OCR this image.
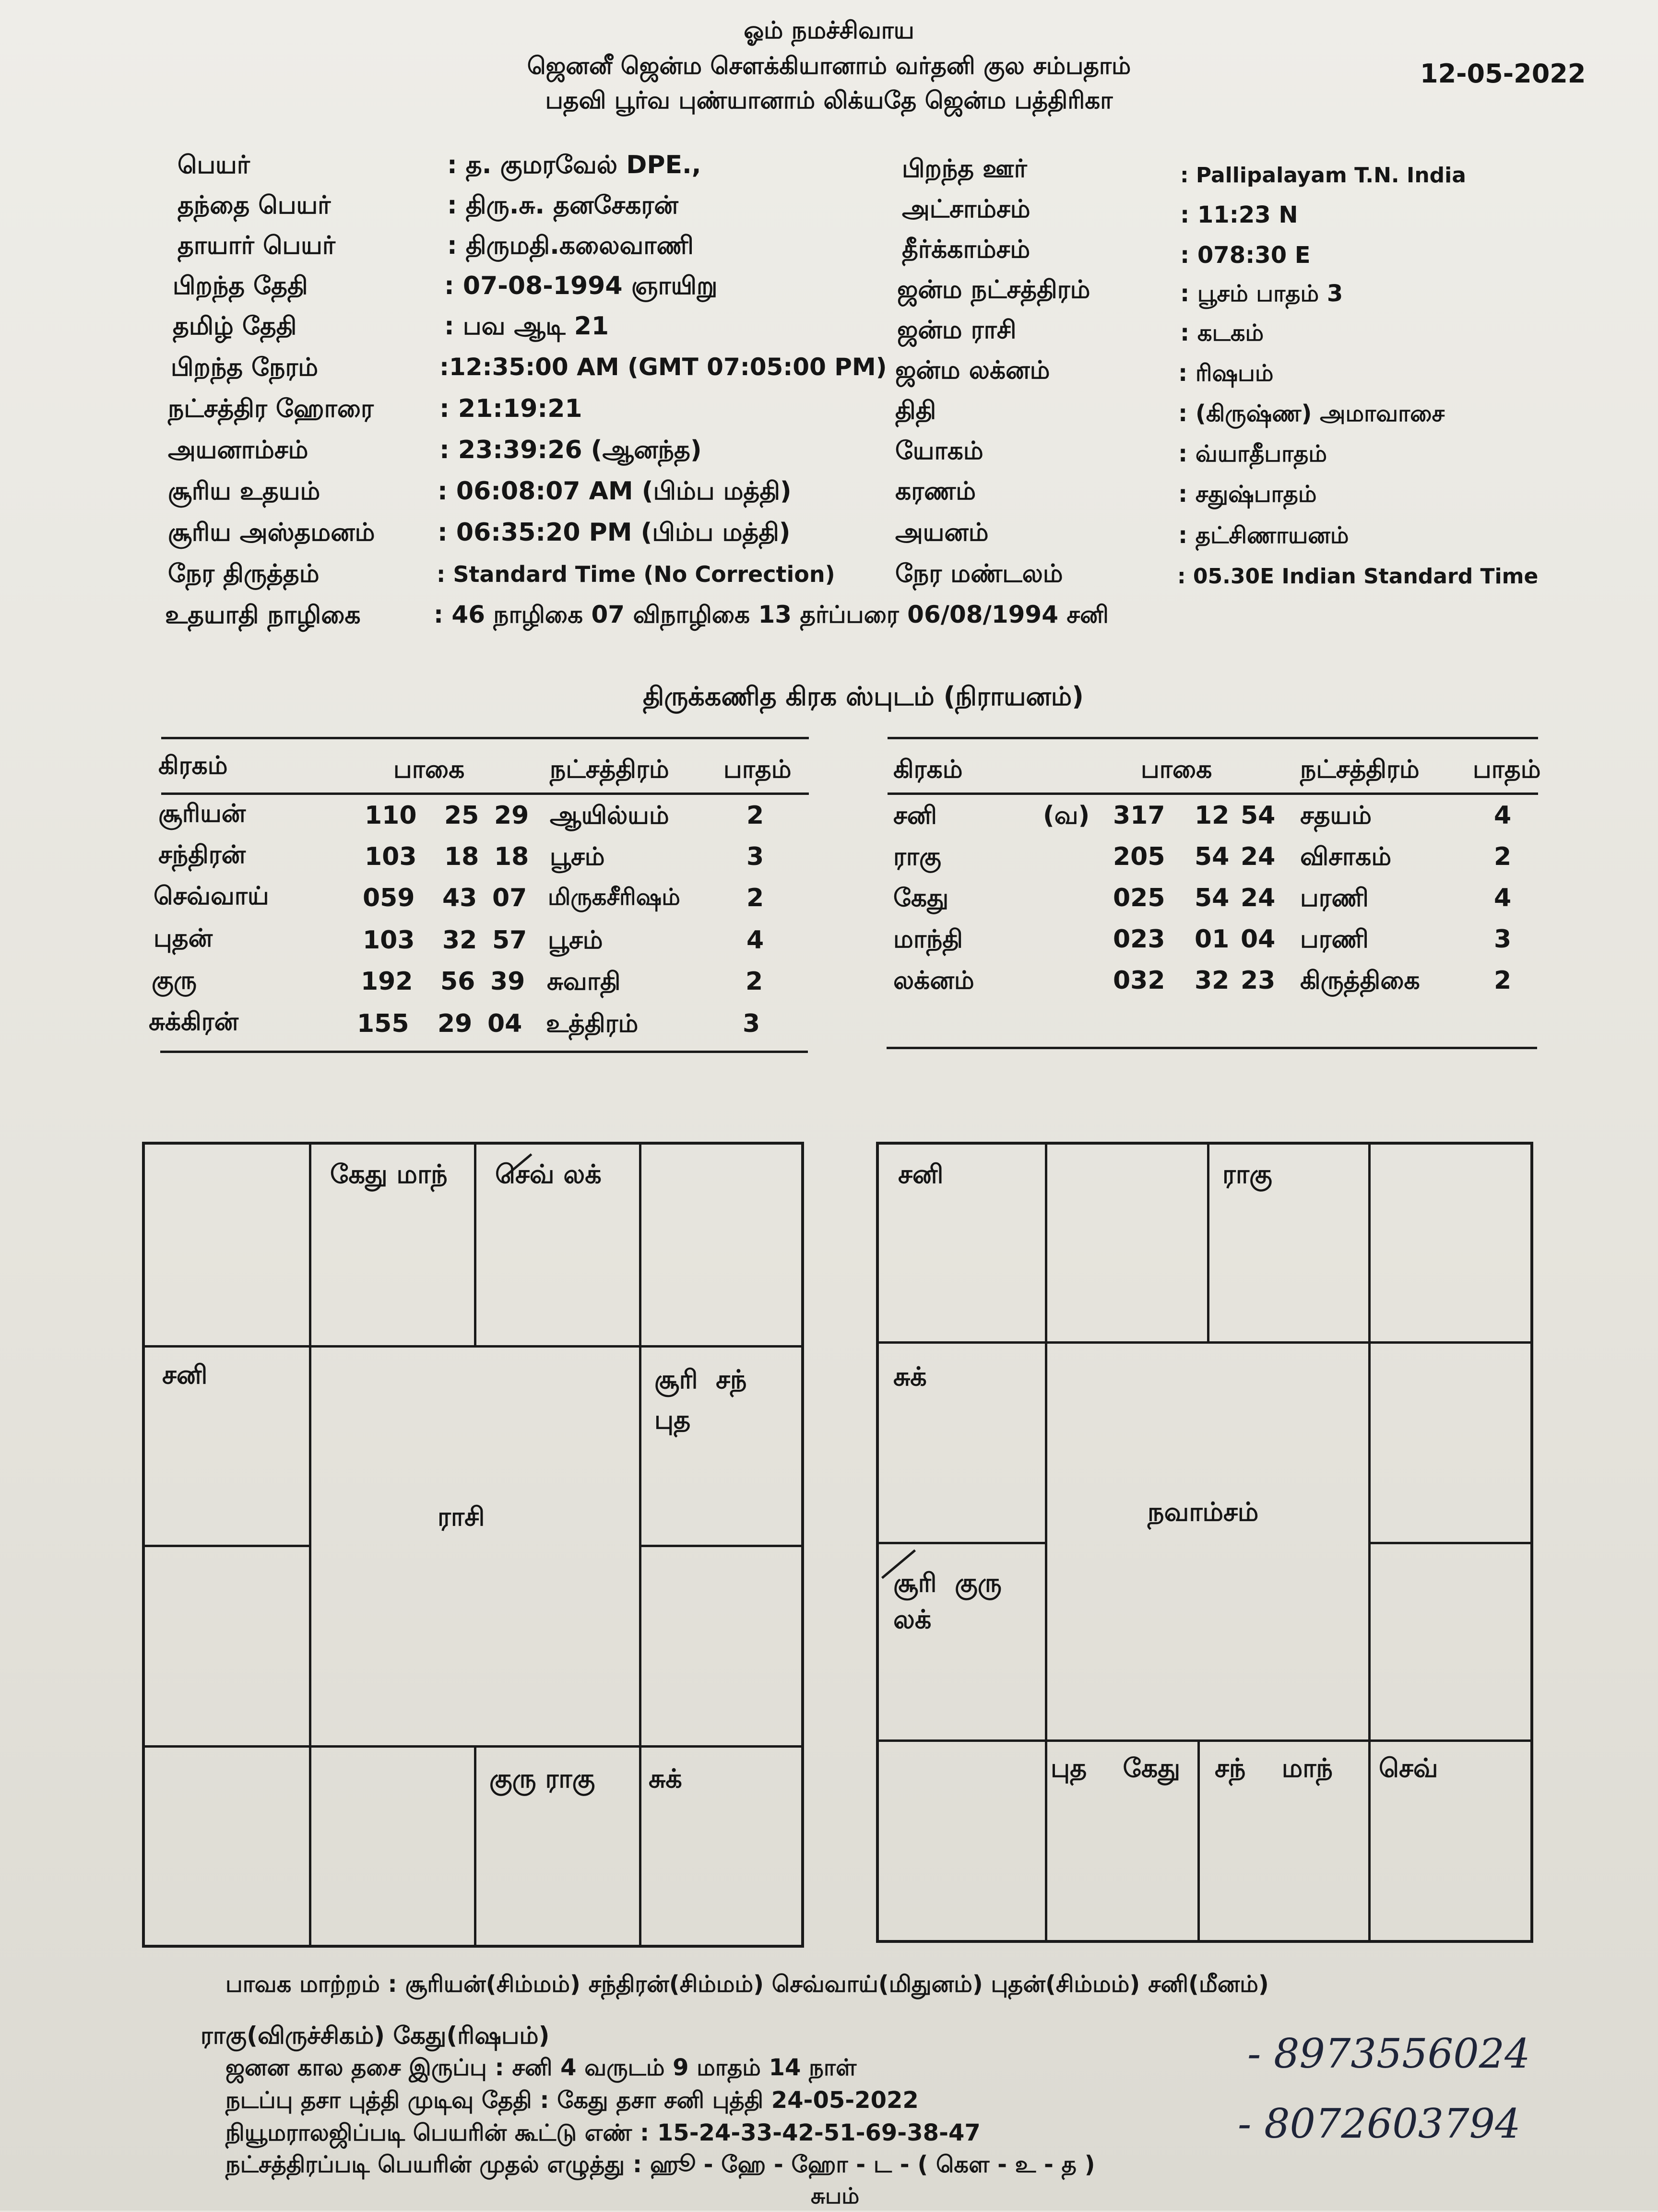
ஓம் நமச்சிவாய
ஜெனனீ ஜென்ம சௌக்கியானாம் வர்தனி குல சம்பதாம்
பதவி பூர்வ புண்யானாம் லிக்யதே ஜென்ம பத்திரிகா
12-05-2022
பெயர்	: த. குமரவேல் DPE.,
தந்தை பெயர்	: திரு.சு. தனசேகரன்
தாயார் பெயர்	: திருமதி.கலைவாணி
பிறந்த தேதி	: 07-08-1994 ஞாயிறு
தமிழ் தேதி	: பவ ஆடி 21
பிறந்த நேரம்	:12:35:00 AM (GMT 07:05:00 PM)
நட்சத்திர ஹோரை	: 21:19:21
அயனாம்சம்	: 23:39:26 (ஆனந்த)
சூரிய உதயம்	: 06:08:07 AM (பிம்ப மத்தி)
சூரிய அஸ்தமனம்	: 06:35:20 PM (பிம்ப மத்தி)
நேர திருத்தம்	: Standard Time (No Correction)
பிறந்த ஊர்	: Pallipalayam T.N. India
அட்சாம்சம்	: 11:23 N
தீர்க்காம்சம்	: 078:30 E
ஜன்ம நட்சத்திரம்	: பூசம் பாதம் 3
ஜன்ம ராசி	: கடகம்
ஜன்ம லக்னம்	: ரிஷபம்
திதி	: (கிருஷ்ண) அமாவாசை
யோகம்	: வ்யாதீபாதம்
கரணம்	: சதுஷ்பாதம்
அயனம்	: தட்சிணாயனம்
நேர மண்டலம்	: 05.30E Indian Standard Time
உதயாதி நாழிகை	: 46 நாழிகை 07 விநாழிகை 13 தர்ப்பரை 06/08/1994 சனி
திருக்கணித கிரக ஸ்புடம் (நிராயனம்)
கிரகம்	பாகை	நட்சத்திரம் பாதம்	கிரகம்	பாகை	நட்சத்திரம் பாதம்
சூரியன்	110 25 29 ஆயில்யம்	2
சந்திரன்	103 18 18 பூசம்	3
செவ்வாய்	059 43 07 மிருகசீரிஷம்	2
புதன்	103 32 57 பூசம்	4
குரு	192 56 39 சுவாதி	2
சுக்கிரன்	155 29 04 உத்திரம்	3
சனி	(வ) 317 12 54 சதயம்	4
ராகு	205 54 24 விசாகம்	2
கேது	025 54 24 பரணி	4
மாந்தி	023 01 04 பரணி	3
லக்னம்	032 32 23 கிருத்திகை	2
கேது மாந் செவ் லக்
சனி	சூரி  சந்
புத
குரு ராகு சுக்
ராசி
சனி	ராகு
சுக்
சூரி  குரு
லக்
புத    கேது சந்    மாந் செவ்
நவாம்சம்
பாவக மாற்றம் : சூரியன்(சிம்மம்) சந்திரன்(சிம்மம்) செவ்வாய்(மிதுனம்) புதன்(சிம்மம்) சனி(மீனம்)
ராகு(விருச்சிகம்) கேது(ரிஷபம்)
ஜனன கால தசை இருப்பு : சனி 4 வருடம் 9 மாதம் 14 நாள்
நடப்பு தசா புத்தி முடிவு தேதி : கேது தசா சனி புத்தி 24-05-2022
நியூமராலஜிப்படி பெயரின் கூட்டு எண் : 15-24-33-42-51-69-38-47
நட்சத்திரப்படி பெயரின் முதல் எழுத்து : ஹூ - ஹே - ஹோ - ட - ( கௌ - உ - த )
சுபம்
- 8973556024
- 8072603794
